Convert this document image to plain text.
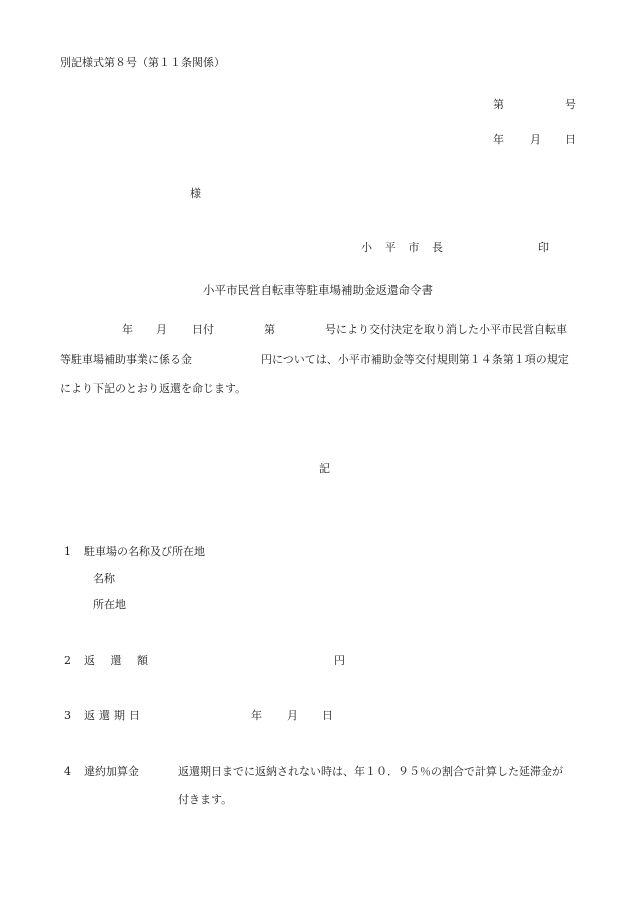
別記様式第８号（第１１条関係）
第	号
年 月 日
様
小 平 市 長	印
小平市民営自転車等駐車場補助金返還命令書
年 月 日付	第	号により交付決定を取り消した小平市民営自転車
等駐車場補助事業に係る金	円については、小平市補助金等交付規則第１４条第１項の規定
により下記のとおり返還を命じます。
記
1 駐車場の名称及び所在地
名称
所在地
2 返 還 額	円
3 返 還 期 日	年 月 日
4 違約加算金	返還期日までに返納されない時は、年１０．９５％の割合で計算した延滞金が
付きます。
